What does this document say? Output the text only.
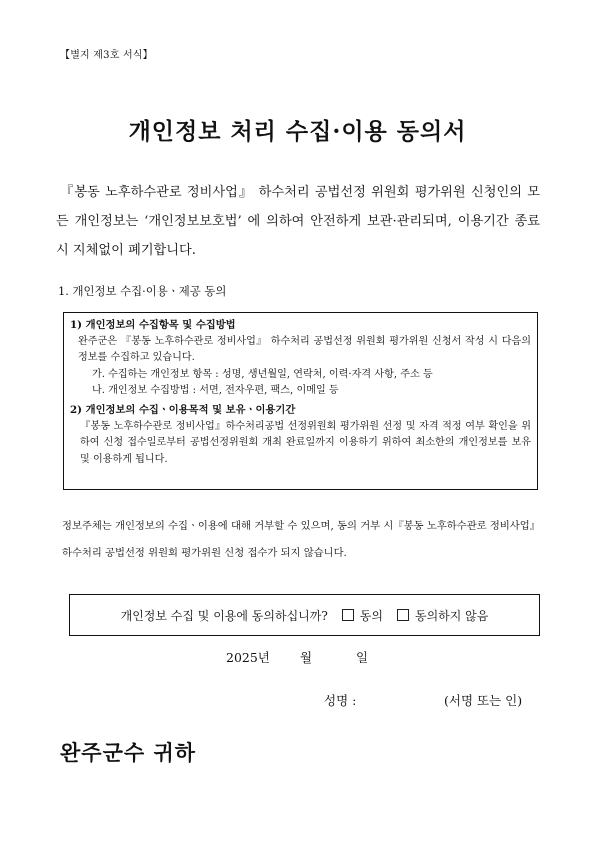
【별지 제3호 서식】
개인정보 처리 수집·이용 동의서
『봉동 노후하수관로 정비사업』 하수처리 공법선정 위원회 평가위원 신청인의 모든 개인정보는 ‘개인정보보호법’ 에 의하여 안전하게 보관·관리되며, 이용기간 종료 시 지체없이 폐기합니다.
1. 개인정보 수집·이용ㆍ제공 동의
1) 개인정보의 수집항목 및 수집방법
완주군은 『봉동 노후하수관로 정비사업』 하수처리 공법선정 위원회 평가위원 신청서 작성 시 다음의 정보를 수집하고 있습니다.
가. 수집하는 개인정보 항목 : 성명, 생년월일, 연락처, 이력·자격 사항, 주소 등
나. 개인정보 수집방법 : 서면, 전자우편, 팩스, 이메일 등
2) 개인정보의 수집ㆍ이용목적 및 보유ㆍ이용기간
『봉동 노후하수관로 정비사업』하수처리공법 선정위원회 평가위원 선정 및 자격 적정 여부 확인을 위하여 신청 접수일로부터 공법선정위원회 개최 완료일까지 이용하기 위하여 최소한의 개인정보를 보유 및 이용하게 됩니다.
정보주체는 개인정보의 수집ㆍ이용에 대해 거부할 수 있으며, 동의 거부 시『봉동 노후하수관로 정비사업』하수처리 공법선정 위원회 평가위원 신청 접수가 되지 않습니다.
개인정보 수집 및 이용에 동의하십니까?	동의	동의하지 않음
2025년 월	일
성명 :	(서명 또는 인)
완주군수 귀하
